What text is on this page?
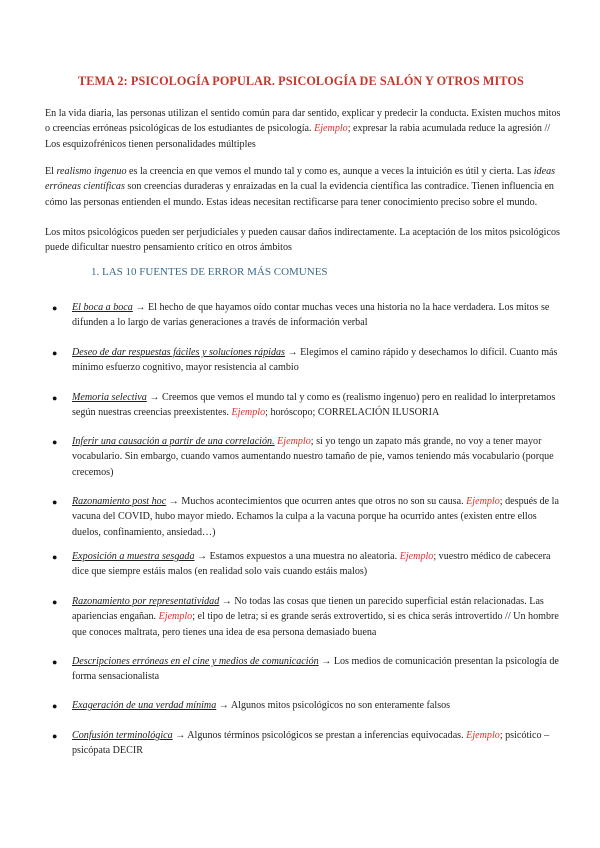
TEMA 2: PSICOLOGÍA POPULAR. PSICOLOGÍA DE SALÓN Y OTROS MITOS
En la vida diaria, las personas utilizan el sentido común para dar sentido, explicar y predecir la conducta. Existen muchos mitos o creencias erróneas psicológicas de los estudiantes de psicología. Ejemplo; expresar la rabia acumulada reduce la agresión // Los esquizofrénicos tienen personalidades múltiples
El realismo ingenuo es la creencia en que vemos el mundo tal y como es, aunque a veces la intuición es útil y cierta. Las ideas erróneas científicas son creencias duraderas y enraizadas en la cual la evidencia científica las contradice. Tienen influencia en cómo las personas entienden el mundo. Estas ideas necesitan rectificarse para tener conocimiento preciso sobre el mundo.
Los mitos psicológicos pueden ser perjudiciales y pueden causar daños indirectamente. La aceptación de los mitos psicológicos puede dificultar nuestro pensamiento crítico en otros ámbitos
1. LAS 10 FUENTES DE ERROR MÁS COMUNES
● El boca a boca → El hecho de que hayamos oído contar muchas veces una historia no la hace verdadera. Los mitos se difunden a lo largo de varias generaciones a través de información verbal
● Deseo de dar respuestas fáciles y soluciones rápidas → Elegimos el camino rápido y desechamos lo difícil. Cuanto más mínimo esfuerzo cognitivo, mayor resistencia al cambio
● Memoria selectiva → Creemos que vemos el mundo tal y como es (realismo ingenuo) pero en realidad lo interpretamos según nuestras creencias preexistentes. Ejemplo; horóscopo; CORRELACIÓN ILUSORIA
● Inferir una causación a partir de una correlación. Ejemplo; si yo tengo un zapato más grande, no voy a tener mayor vocabulario. Sin embargo, cuando vamos aumentando nuestro tamaño de pie, vamos teniendo más vocabulario (porque crecemos)
● Razonamiento post hoc → Muchos acontecimientos que ocurren antes que otros no son su causa. Ejemplo; después de la vacuna del COVID, hubo mayor miedo. Echamos la culpa a la vacuna porque ha ocurrido antes (existen entre ellos duelos, confinamiento, ansiedad…)
● Exposición a muestra sesgada → Estamos expuestos a una muestra no aleatoria. Ejemplo; vuestro médico de cabecera dice que siempre estáis malos (en realidad solo vais cuando estáis malos)
● Razonamiento por representatividad → No todas las cosas que tienen un parecido superficial están relacionadas. Las apariencias engañan. Ejemplo; el tipo de letra; si es grande serás extrovertido, si es chica serás introvertido // Un hombre que conoces maltrata, pero tienes una idea de esa persona demasiado buena
● Descripciones erróneas en el cine y medios de comunicación → Los medios de comunicación presentan la psicología de forma sensacionalista
● Exageración de una verdad mínima → Algunos mitos psicológicos no son enteramente falsos
● Confusión terminológica → Algunos términos psicológicos se prestan a inferencias equivocadas. Ejemplo; psicótico – psicópata DECIR
